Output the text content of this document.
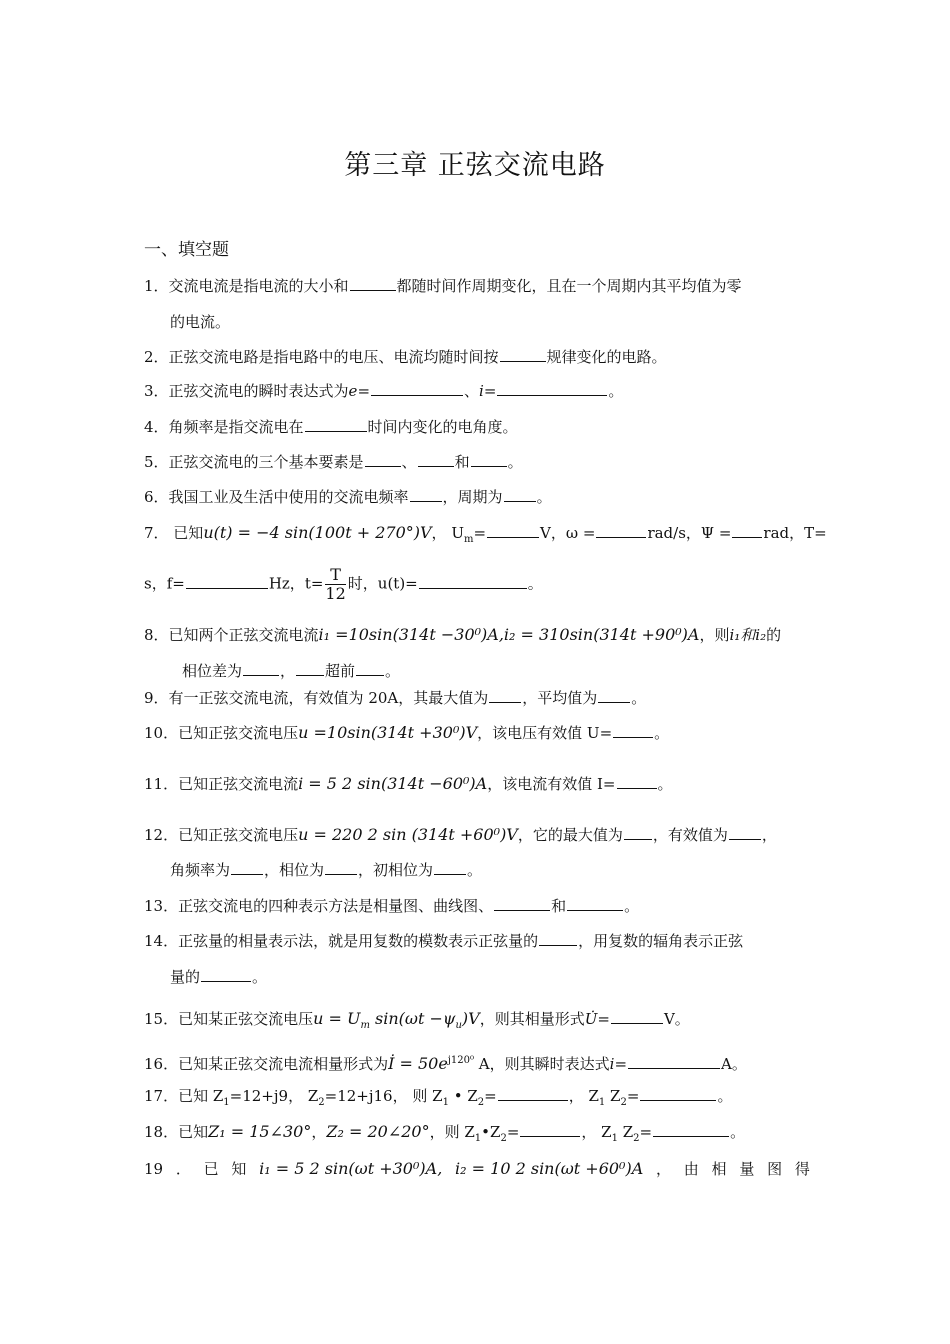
第三章 正弦交流电路
一、填空题
1．交流电流是指电流的大小和	都随时间作周期变化，且在一个周期内其平均值为零
的电流。
2．正弦交流电路是指电路中的电压、电流均随时间按	规律变化的电路。
3．正弦交流电的瞬时表达式为e=	、i=	。
4．角频率是指交流电在	时间内变化的电角度。
5．正弦交流电的三个基本要素是	、	和	。
6．我国工业及生活中使用的交流电频率 ，周期为 。
7． 已知u(t) = −4 sin(100t + 270°)V， $U_m=$	V，ω =	rad/s，Ψ = rad，T=
s，f=	Hz，$t= \frac{T}{12}$ 时，u(t)=	。
8．已知两个正弦交流电流i₁ =10sin(314t −30⁰)A,i₂ = 310sin(314t +90⁰)A，则i₁和i₂的
相位差为	， 超前 。
9．有一正弦交流电流，有效值为 20A，其最大值为 ，平均值为 。
10．已知正弦交流电压u =10sin(314t +30⁰)V，该电压有效值 U=	。
11．已知正弦交流电流i = 5 2 sin(314t −60⁰)A，该电流有效值 I=	。
12．已知正弦交流电压u = 220 2 sin (314t +60⁰)V，它的最大值为 ，有效值为 ，
角频率为 ，相位为 ，初相位为 。
13．正弦交流电的四种表示方法是相量图、曲线图、	和	。
14．正弦量的相量表示法，就是用复数的模数表示正弦量的	，用复数的辐角表示正弦
量的	。
15．已知某正弦交流电压$u = U_m$ $\sin(\omega t -\psi_u)V$，则其相量形式U̇=	V。
16．已知某正弦交流电流相量形式为İ = $50e^{j120^0}$ A，则其瞬时表达式i=	A。
17．已知 $Z_1=12+j9$， $Z_2=12+j16$， 则 $Z_1$ • $Z_2=$	， $Z_1$ $Z_2=$	。
18．已知Z₁ = 15∠30°，Z₂ = 20∠20°，则 $Z_1•Z_2=$	， $Z_1$ $Z_2=$	。
19 ． 已 知 i₁ = 5 2 sin(ωt +30⁰)A, i₂ = 10 2 sin(ωt +60⁰)A ， 由 相 量 图 得
